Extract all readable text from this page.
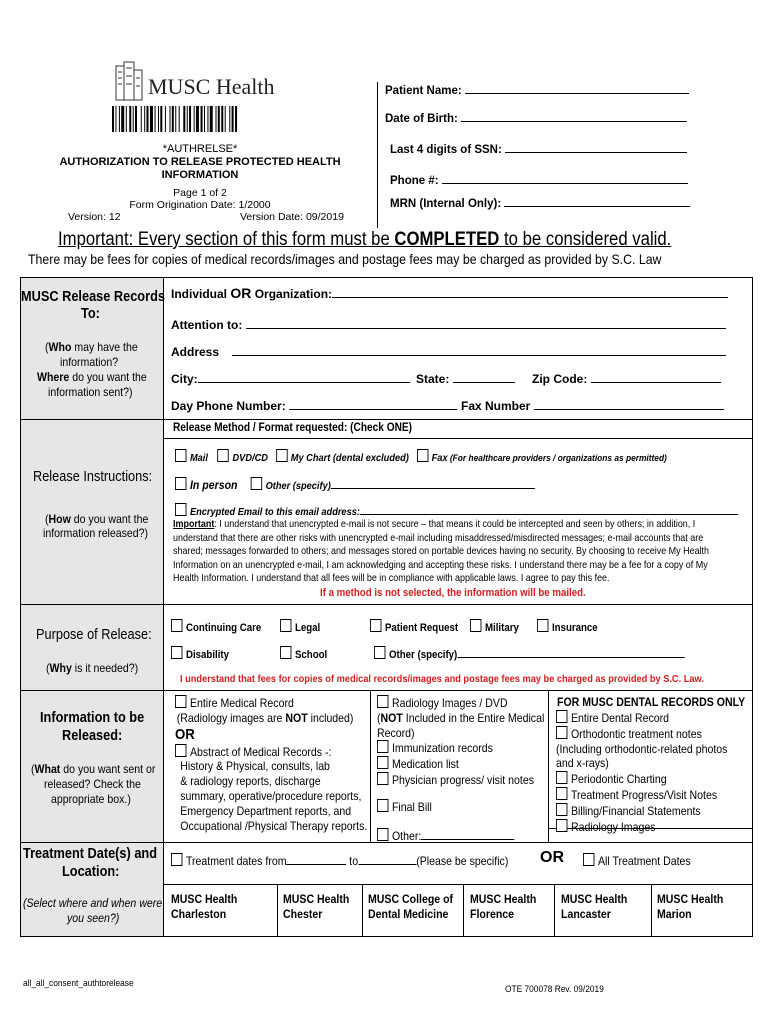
MUSC Health
*AUTHRELSE*
AUTHORIZATION TO RELEASE PROTECTED HEALTH
INFORMATION
Page 1 of 2
Form Origination Date: 1/2000
Version: 12	Version Date: 09/2019
Patient Name:
Date of Birth:
Last 4 digits of SSN:
Phone #:
MRN (Internal Only):
Important: Every section of this form must be COMPLETED to be considered valid.
There may be fees for copies of medical records/images and postage fees may be charged as provided by S.C. Law
MUSC Release Records
To:
(Who may have the
information?
Where do you want the
information sent?)
Individual OR Organization:
Attention to:
Address
City:	State:	Zip Code:
Day Phone Number:	Fax Number
Release Instructions:
(How do you want the
information released?)
Release Method / Format requested: (Check ONE)
Mail DVD/CD My Chart (dental excluded) Fax (For healthcare providers / organizations as permitted)
In person	Other (specify)
Encrypted Email to this email address:
Important: I understand that unencrypted e-mail is not secure – that means it could be intercepted and seen by others; in addition, I
understand that there are other risks with unencrypted e-mail including misaddressed/misdirected messages; e-mail accounts that are
shared; messages forwarded to others; and messages stored on portable devices having no security. By choosing to receive My Health
Information on an unencrypted e-mail, I am acknowledging and accepting these risks. I understand there may be a fee for a copy of My
Health Information. I understand that all fees will be in compliance with applicable laws. I agree to pay this fee.
If a method is not selected, the information will be mailed.
Purpose of Release:
(Why is it needed?)
Continuing Care	Legal	Patient Request	Military	Insurance
Disability	School	Other (specify)
I understand that fees for copies of medical records/images and postage fees may be charged as provided by S.C. Law.
Information to be
Released:
(What do you want sent or
released? Check the
appropriate box.)
Entire Medical Record
(Radiology images are NOT included)
OR
Abstract of Medical Records -:
History & Physical, consults, lab
& radiology reports, discharge
summary, operative/procedure reports,
Emergency Department reports, and
Occupational /Physical Therapy reports.
Radiology Images / DVD
(NOT Included in the Entire Medical
Record)
Immunization records
Medication list
Physician progress/ visit notes
Final Bill
Other:
FOR MUSC DENTAL RECORDS ONLY
Entire Dental Record
Orthodontic treatment notes
(Including orthodontic-related photos
and x-rays)
Periodontic Charting
Treatment Progress/Visit Notes
Billing/Financial Statements
Radiology Images
Treatment Date(s) and
Location:
(Select where and when were
you seen?)
Treatment dates from	to	(Please be specific) OR	All Treatment Dates
MUSC Health
Charleston
MUSC Health
Chester
MUSC College of
Dental Medicine
MUSC Health
Florence
MUSC Health
Lancaster
MUSC Health
Marion
all_all_consent_authtorelease
OTE 700078 Rev. 09/2019
